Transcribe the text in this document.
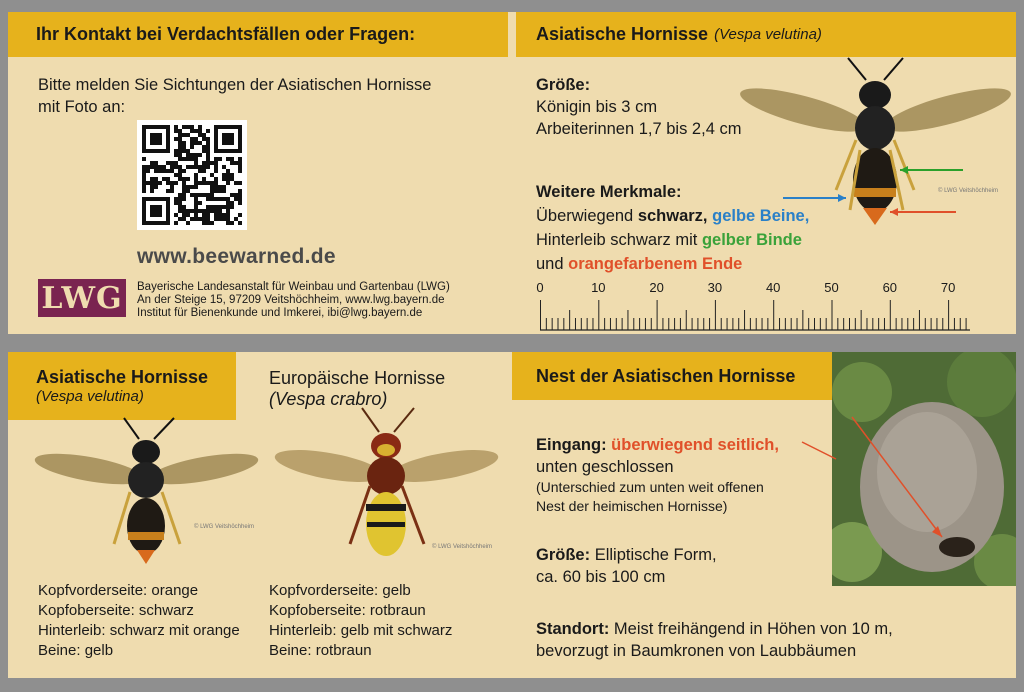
Ihr Kontakt bei Verdachtsfällen oder Fragen:	Asiatische Hornisse (Vespa velutina)
Bitte melden Sie Sichtungen der Asiatischen Hornisse
mit Foto an:
www.beewarned.de
LWG Bayerische Landesanstalt für Weinbau und Gartenbau (LWG)
An der Steige 15, 97209 Veitshöchheim, www.lwg.bayern.de
Institut für Bienenkunde und Imkerei, ibi@lwg.bayern.de
Größe:
Königin bis 3 cm
Arbeiterinnen 1,7 bis 2,4 cm
Weitere Merkmale:
Überwiegend schwarz, gelbe Beine,
Hinterleib schwarz mit gelber Binde
und orangefarbenem Ende
© LWG Veitshöchheim
0	10	20	30	40	50	60	70
Asiatische Hornisse
(Vespa velutina)
Europäische Hornisse
(Vespa crabro)
Nest der Asiatischen Hornisse
© LWG Veitshöchheim
© LWG Veitshöchheim
Kopfvorderseite: orange
Kopfoberseite: schwarz
Hinterleib: schwarz mit orange
Beine: gelb
Kopfvorderseite: gelb
Kopfoberseite: rotbraun
Hinterleib: gelb mit schwarz
Beine: rotbraun
Eingang: überwiegend seitlich,
unten geschlossen
(Unterschied zum unten weit offenen
Nest der heimischen Hornisse)
Größe: Elliptische Form,
ca. 60 bis 100 cm
Standort: Meist freihängend in Höhen von 10 m,
bevorzugt in Baumkronen von Laubbäumen
